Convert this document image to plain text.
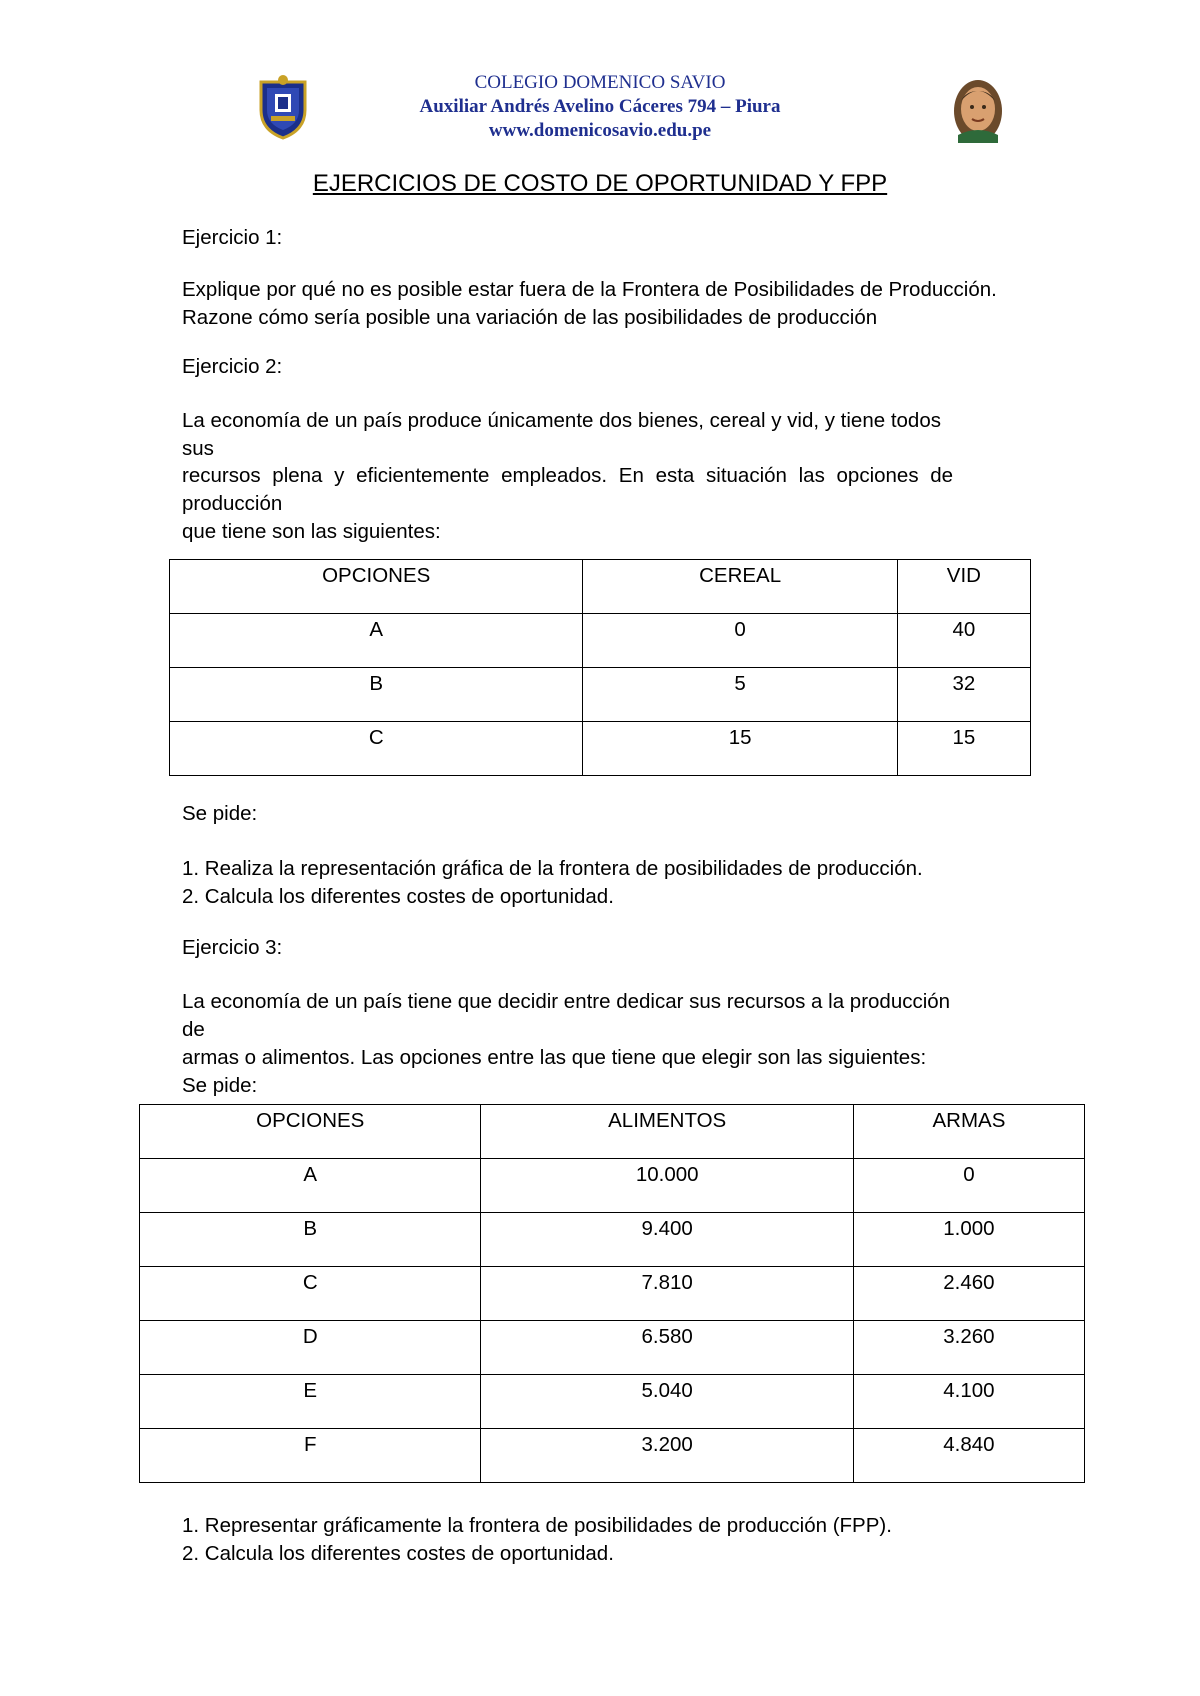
COLEGIO DOMENICO SAVIO
Auxiliar Andrés Avelino Cáceres 794 – Piura
www.domenicosavio.edu.pe
EJERCICIOS DE COSTO DE OPORTUNIDAD Y FPP
Ejercicio 1:
Explique por qué no es posible estar fuera de la Frontera de Posibilidades de Producción.
Razone cómo sería posible una variación de las posibilidades de producción
Ejercicio 2:
La economía de un país produce únicamente dos bienes, cereal y vid, y tiene todos
sus
recursos plena y eficientemente empleados. En esta situación las opciones de
producción
que tiene son las siguientes:
OPCIONES	CEREAL	VID
A	0	40
B	5	32
C	15	15
Se pide:
1. Realiza la representación gráfica de la frontera de posibilidades de producción.
2. Calcula los diferentes costes de oportunidad.
Ejercicio 3:
La economía de un país tiene que decidir entre dedicar sus recursos a la producción
de
armas o alimentos. Las opciones entre las que tiene que elegir son las siguientes:
Se pide:
OPCIONES	ALIMENTOS	ARMAS
A	10.000	0
B	9.400	1.000
C	7.810	2.460
D	6.580	3.260
E	5.040	4.100
F	3.200	4.840
1. Representar gráficamente la frontera de posibilidades de producción (FPP).
2. Calcula los diferentes costes de oportunidad.
